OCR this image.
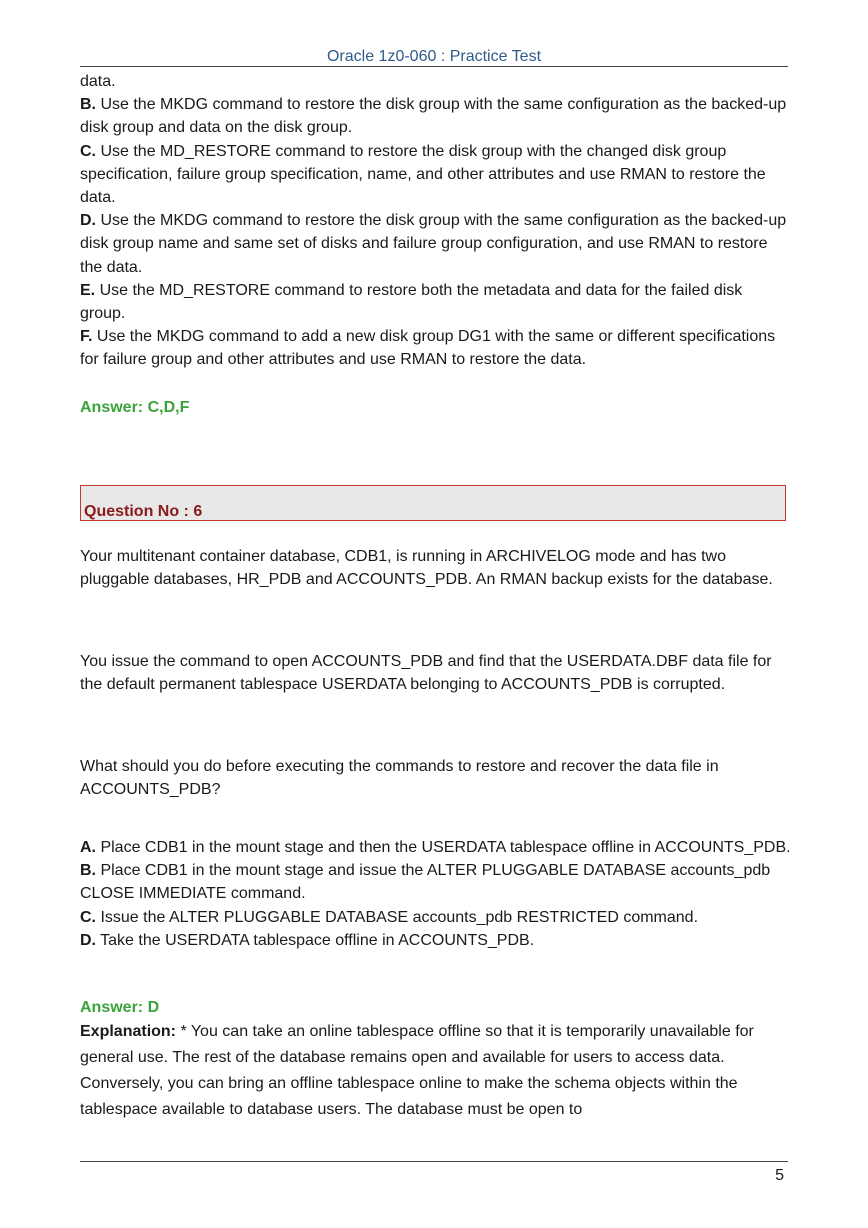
Oracle 1z0-060 : Practice Test

data.

B. Use the MKDG command to restore the disk group with the same configuration as the backed-up disk group and data on the disk group.

C. Use the MD_RESTORE command to restore the disk group with the changed disk group specification, failure group specification, name, and other attributes and use RMAN to restore the data.

D. Use the MKDG command to restore the disk group with the same configuration as the backed-up disk group name and same set of disks and failure group configuration, and use RMAN to restore the data.

E. Use the MD_RESTORE command to restore both the metadata and data for the failed disk group.

F. Use the MKDG command to add a new disk group DG1 with the same or different specifications for failure group and other attributes and use RMAN to restore the data.

Answer: C,D,F

Question No : 6

Your multitenant container database, CDB1, is running in ARCHIVELOG mode and has two pluggable databases, HR_PDB and ACCOUNTS_PDB. An RMAN backup exists for the database.

You issue the command to open ACCOUNTS_PDB and find that the USERDATA.DBF data file for the default permanent tablespace USERDATA belonging to ACCOUNTS_PDB is corrupted.

What should you do before executing the commands to restore and recover the data file in ACCOUNTS_PDB?

A. Place CDB1 in the mount stage and then the USERDATA tablespace offline in ACCOUNTS_PDB.

B. Place CDB1 in the mount stage and issue the ALTER PLUGGABLE DATABASE accounts_pdb CLOSE IMMEDIATE command.

C. Issue the ALTER PLUGGABLE DATABASE accounts_pdb RESTRICTED command.

D. Take the USERDATA tablespace offline in ACCOUNTS_PDB.

Answer: D

Explanation: * You can take an online tablespace offline so that it is temporarily unavailable for general use. The rest of the database remains open and available for users to access data. Conversely, you can bring an offline tablespace online to make the schema objects within the tablespace available to database users. The database must be open to

5
